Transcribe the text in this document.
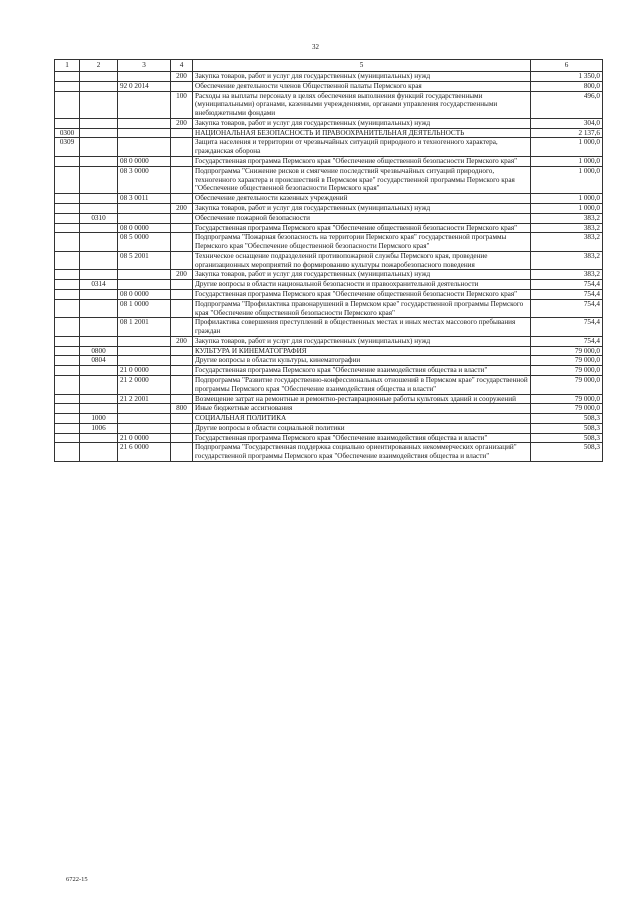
32
1	2	3	4	5	6
			200	Закупка товаров, работ и услуг для государственных (муниципальных) нужд	1 350,0
		92 0 2014		Обеспечение деятельности членов Общественной палаты Пермского края	800,0
			100	Расходы на выплаты персоналу в целях обеспечения выполнения функций государственными (муниципальными) органами, казенными учреждениями, органами управления государственными внебюджетными фондами	496,0
			200	Закупка товаров, работ и услуг для государственных (муниципальных) нужд	304,0
0300				НАЦИОНАЛЬНАЯ БЕЗОПАСНОСТЬ И ПРАВООХРАНИТЕЛЬНАЯ ДЕЯТЕЛЬНОСТЬ	2 137,6
0309				Защита населения и территории от чрезвычайных ситуаций природного и техногенного характера, гражданская оборона	1 000,0
		08 0 0000		Государственная программа Пермского края "Обеспечение общественной безопасности Пермского края"	1 000,0
		08 3 0000		Подпрограмма "Снижение рисков и смягчение последствий чрезвычайных ситуаций природного, техногенного характера и происшествий в Пермском крае" государственной программы Пермского края "Обеспечение общественной безопасности Пермского края"	1 000,0
		08 3 0011		Обеспечение деятельности казенных учреждений	1 000,0
			200	Закупка товаров, работ и услуг для государственных (муниципальных) нужд	1 000,0
	0310			Обеспечение пожарной безопасности	383,2
		08 0 0000		Государственная программа Пермского края "Обеспечение общественной безопасности Пермского края"	383,2
		08 5 0000		Подпрограмма "Пожарная безопасность на территории Пермского края" государственной программы Пермского края "Обеспечение общественной безопасности Пермского края"	383,2
		08 5 2001		Техническое оснащение подразделений противопожарной службы Пермского края, проведение организационных мероприятий по формированию культуры пожаробезопасного поведения	383,2
			200	Закупка товаров, работ и услуг для государственных (муниципальных) нужд	383,2
	0314			Другие вопросы в области национальной безопасности и правоохранительной деятельности	754,4
		08 0 0000		Государственная программа Пермского края "Обеспечение общественной безопасности Пермского края"	754,4
		08 1 0000		Подпрограмма "Профилактика правонарушений в Пермском крае" государственной программы Пермского края "Обеспечение общественной безопасности Пермского края"	754,4
		08 1 2001		Профилактика совершения преступлений в общественных местах и иных местах массового пребывания граждан	754,4
			200	Закупка товаров, работ и услуг для государственных (муниципальных) нужд	754,4
	0800			КУЛЬТУРА И КИНЕМАТОГРАФИЯ	79 000,0
	0804			Другие вопросы в области культуры, кинематографии	79 000,0
		21 0 0000		Государственная программа Пермского края "Обеспечение взаимодействия общества и власти"	79 000,0
		21 2 0000		Подпрограмма "Развитие государственно-конфессиональных отношений в Пермском крае" государственной программы Пермского края "Обеспечение взаимодействия общества и власти"	79 000,0
		21 2 2001		Возмещение затрат на ремонтные и ремонтно-реставрационные работы культовых зданий и сооружений	79 000,0
			800	Иные бюджетные ассигнования	79 000,0
	1000			СОЦИАЛЬНАЯ ПОЛИТИКА	508,3
	1006			Другие вопросы в области социальной политики	508,3
		21 0 0000		Государственная программа Пермского края "Обеспечение взаимодействия общества и власти"	508,3
		21 6 0000		Подпрограмма "Государственная поддержка социально ориентированных некоммерческих организаций" государственной программы Пермского края "Обеспечение взаимодействия общества и власти"	508,3
6722-15
